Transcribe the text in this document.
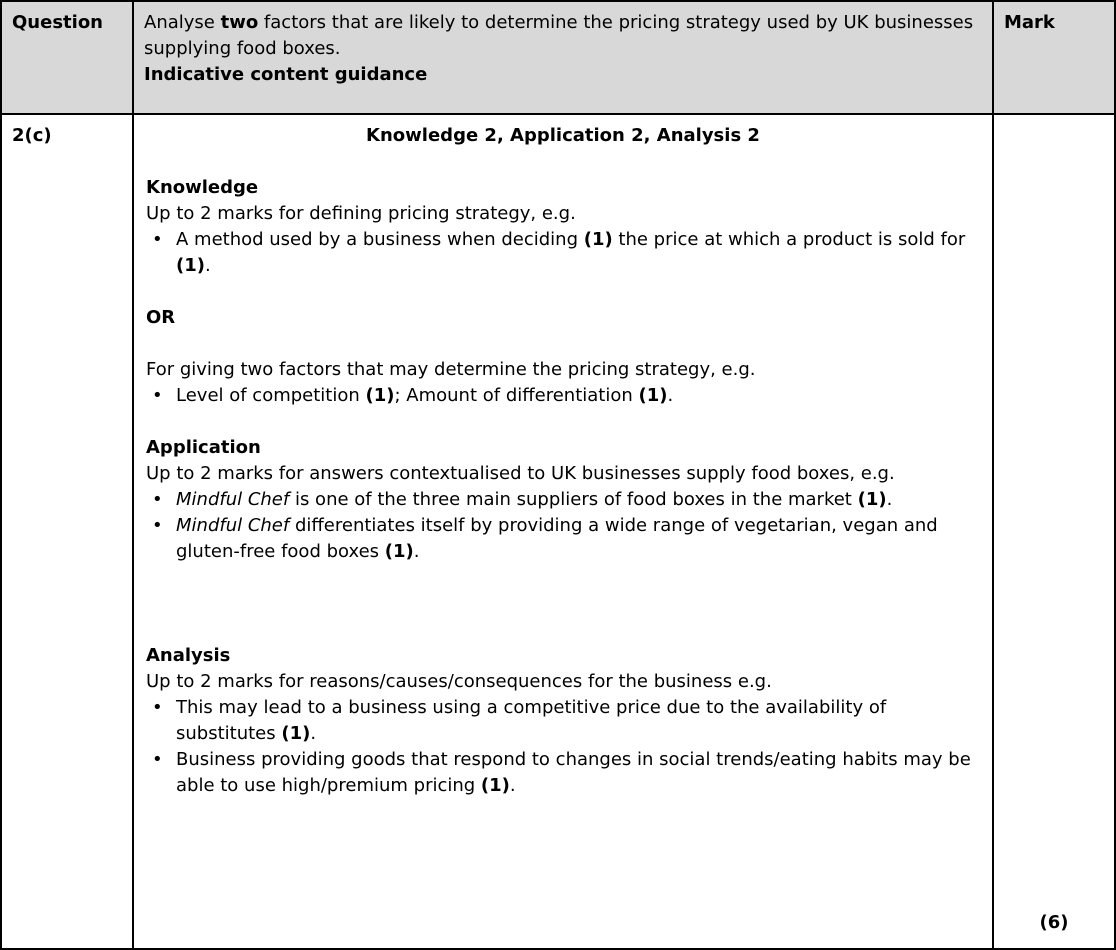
Question	Analyse two factors that are likely to determine the pricing strategy used by UK businesses supplying food boxes.
Indicative content guidance
Mark
2(c)	Knowledge 2, Application 2, Analysis 2
Knowledge
Up to 2 marks for defining pricing strategy, e.g.
• A method used by a business when deciding (1) the price at which a product is sold for (1).
OR
For giving two factors that may determine the pricing strategy, e.g.
• Level of competition (1); Amount of differentiation (1).
Application
Up to 2 marks for answers contextualised to UK businesses supply food boxes, e.g.
• Mindful Chef is one of the three main suppliers of food boxes in the market (1).
• Mindful Chef differentiates itself by providing a wide range of vegetarian, vegan and gluten-free food boxes (1).
Analysis
Up to 2 marks for reasons/causes/consequences for the business e.g.
• This may lead to a business using a competitive price due to the availability of substitutes (1).
• Business providing goods that respond to changes in social trends/eating habits may be able to use high/premium pricing (1).
(6)
